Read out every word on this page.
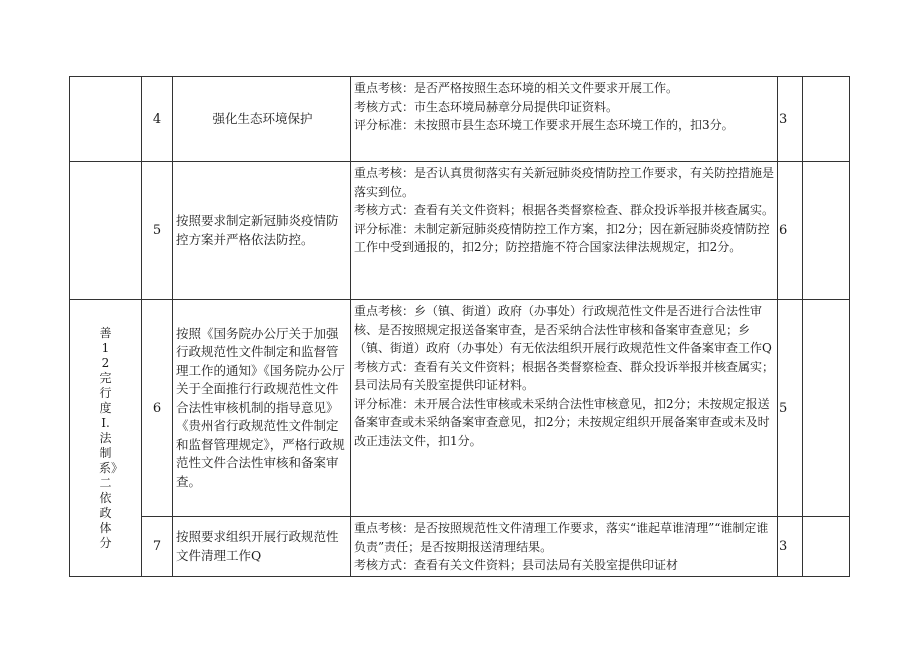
	4	强化生态环境保护	重点考核：是否严格按照生态环境的相关文件要求开展工作。

考核方式：市生态环境局赫章分局提供印证资料。

评分标准：未按照市县生态环境工作要求开展生态环境工作的，扣3分。	3	
	5	按照要求制定新冠肺炎疫情防控方案并严格依法防控。	重点考核：是否认真贯彻落实有关新冠肺炎疫情防控工作要求，有关防控措施是落实到位。

考核方式：查看有关文件资料；根据各类督察检查、群众投诉举报并核查属实。

评分标准：未制定新冠肺炎疫情防控工作方案，扣2分；因在新冠肺炎疫情防控工作中受到通报的，扣2分；防控措施不符合国家法律法规规定，扣2分。	6	

善12完行度I.法制系》二依政体分	6	按照《国务院办公厅关于加强行政规范性文件制定和监督管理工作的通知》《国务院办公厅关于全面推行行政规范性文件合法性审核机制的指导意见》《贵州省行政规范性文件制定和监督管理规定》，严格行政规范性文件合法性审核和备案审查。	重点考核：乡（镇、街道）政府（办事处）行政规范性文件是否进行合法性审核、是否按照规定报送备案审查，是否采纳合法性审核和备案审查意见；乡（镇、街道）政府（办事处）有无依法组织开展行政规范性文件备案审查工作Q

考核方式：查看有关文件资料；根据各类督察检查、群众投诉举报并核查属实；县司法局有关股室提供印证材料。

评分标准：未开展合法性审核或未采纳合法性审核意见，扣2分；未按规定报送备案审查或未采纳备案审查意见，扣2分；未按规定组织开展备案审查或未及时改正违法文件，扣1分。	5	
	7	按照要求组织开展行政规范性文件清理工作Q	重点考核：是否按照规范性文件清理工作要求，落实“谁起草谁清理”“谁制定谁负责”责任；是否按期报送清理结果。

考核方式：查看有关文件资料；县司法局有关股室提供印证材	3	
